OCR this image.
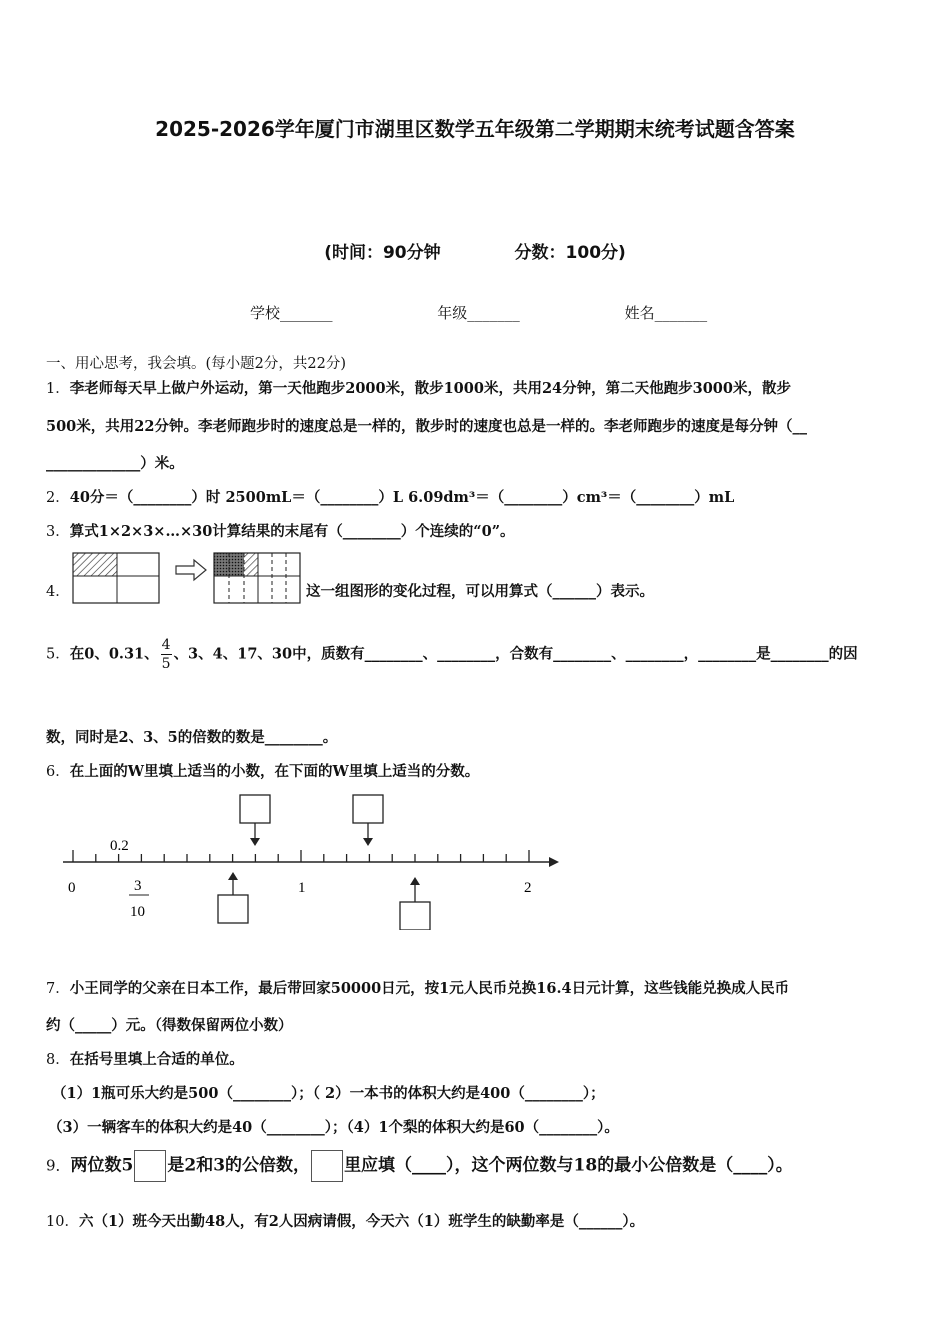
2025-2026学年厦门市湖里区数学五年级第二学期期末统考试题含答案
(时间：90分钟	分数：100分)
学校_______	年级_______	姓名_______
一、用心思考，我会填。(每小题2分，共22分)
1．李老师每天早上做户外运动，第一天他跑步2000米，散步1000米，共用24分钟，第二天他跑步3000米，散步
500米，共用22分钟。李老师跑步时的速度总是一样的，散步时的速度也总是一样的。李老师跑步的速度是每分钟（__
_____________）米。
2．40分＝（________）时 2500mL＝（________）L 6.09dm³＝（________）cm³＝（________）mL
3．算式1×2×3×…×30计算结果的末尾有（________）个连续的“0”。
4．	这一组图形的变化过程，可以用算式（______）表示。
5．在0、0.31、 $\frac{4}{5}$ 、3、4、17、30中，质数有________、________，合数有________、________，________是________的因
数，同时是2、3、5的倍数的数是________。
6．在上面的W里填上适当的小数，在下面的W里填上适当的分数。
0.2
0	1	2
3
10
7．小王同学的父亲在日本工作，最后带回家50000日元，按1元人民币兑换16.4日元计算，这些钱能兑换成人民币
约（_____）元。（得数保留两位小数）
8．在括号里填上合适的单位。
（1）1瓶可乐大约是500（________）；（ 2）一本书的体积大约是400（________）；
（3）一辆客车的体积大约是40（________）；（4）1个梨的体积大约是60（________）。
9．两位数5 是2和3的公倍数， 里应填（____），这个两位数与18的最小公倍数是（____）。
10．六（1）班今天出勤48人，有2人因病请假，今天六（1）班学生的缺勤率是（______）。
